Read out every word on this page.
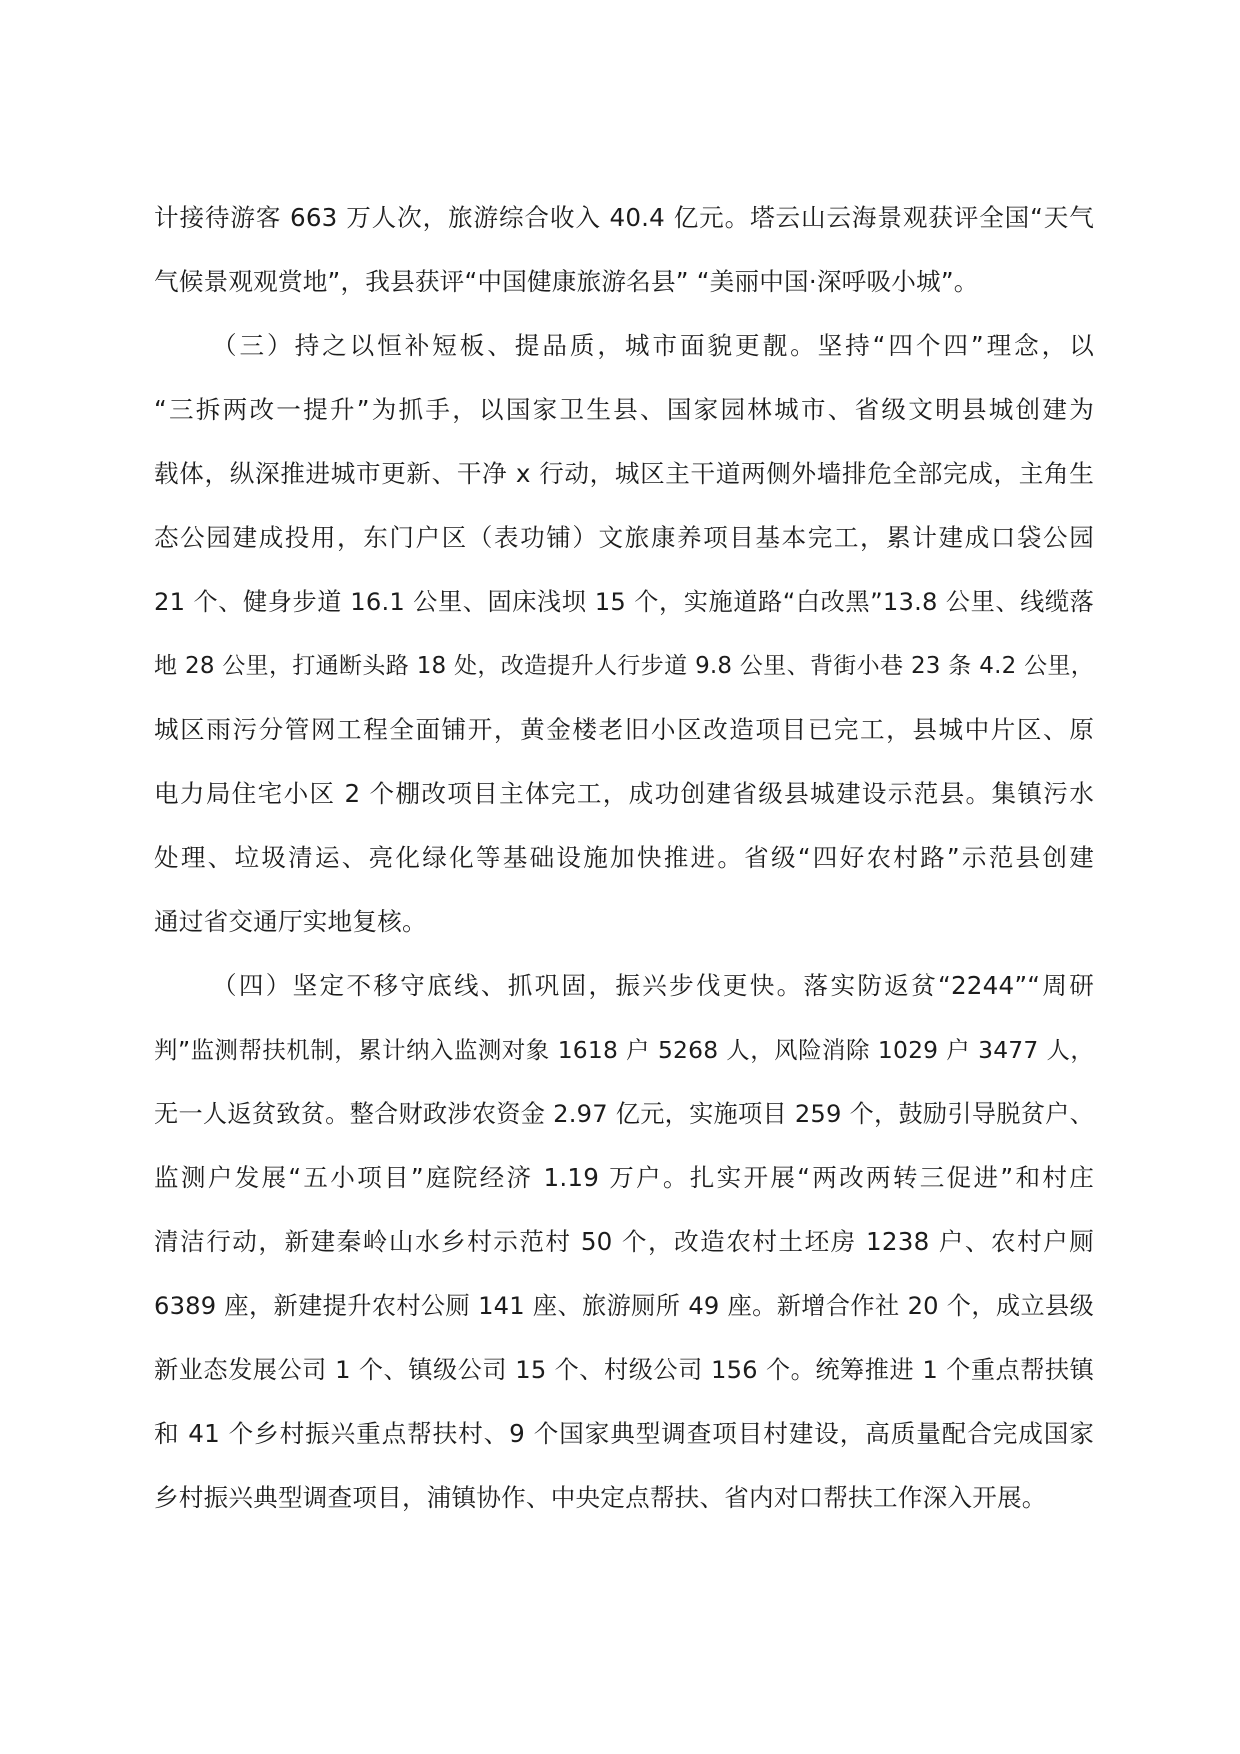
计接待游客 663 万人次，旅游综合收入 40.4 亿元。塔云山云海景观获评全国“天气
气候景观观赏地”，我县获评“中国健康旅游名县” “美丽中国·深呼吸小城”。
（三）持之以恒补短板、提品质，城市面貌更靓。坚持“四个四”理念，以
“三拆两改一提升”为抓手，以国家卫生县、国家园林城市、省级文明县城创建为
载体，纵深推进城市更新、干净 x 行动，城区主干道两侧外墙排危全部完成，主角生
态公园建成投用，东门户区（表功铺）文旅康养项目基本完工，累计建成口袋公园
21 个、健身步道 16.1 公里、固床浅坝 15 个，实施道路“白改黑”13.8 公里、线缆落
地 28 公里，打通断头路 18 处，改造提升人行步道 9.8 公里、背街小巷 23 条 4.2 公里，
城区雨污分管网工程全面铺开，黄金楼老旧小区改造项目已完工，县城中片区、原
电力局住宅小区 2 个棚改项目主体完工，成功创建省级县城建设示范县。集镇污水
处理、垃圾清运、亮化绿化等基础设施加快推进。省级“四好农村路”示范县创建
通过省交通厅实地复核。
（四）坚定不移守底线、抓巩固，振兴步伐更快。落实防返贫“2244”“周研
判”监测帮扶机制，累计纳入监测对象 1618 户 5268 人，风险消除 1029 户 3477 人，
无一人返贫致贫。整合财政涉农资金 2.97 亿元，实施项目 259 个，鼓励引导脱贫户、
监测户发展“五小项目”庭院经济 1.19 万户。扎实开展“两改两转三促进”和村庄
清洁行动，新建秦岭山水乡村示范村 50 个，改造农村土坯房 1238 户、农村户厕
6389 座，新建提升农村公厕 141 座、旅游厕所 49 座。新增合作社 20 个，成立县级
新业态发展公司 1 个、镇级公司 15 个、村级公司 156 个。统筹推进 1 个重点帮扶镇
和 41 个乡村振兴重点帮扶村、9 个国家典型调查项目村建设，高质量配合完成国家
乡村振兴典型调查项目，浦镇协作、中央定点帮扶、省内对口帮扶工作深入开展。
